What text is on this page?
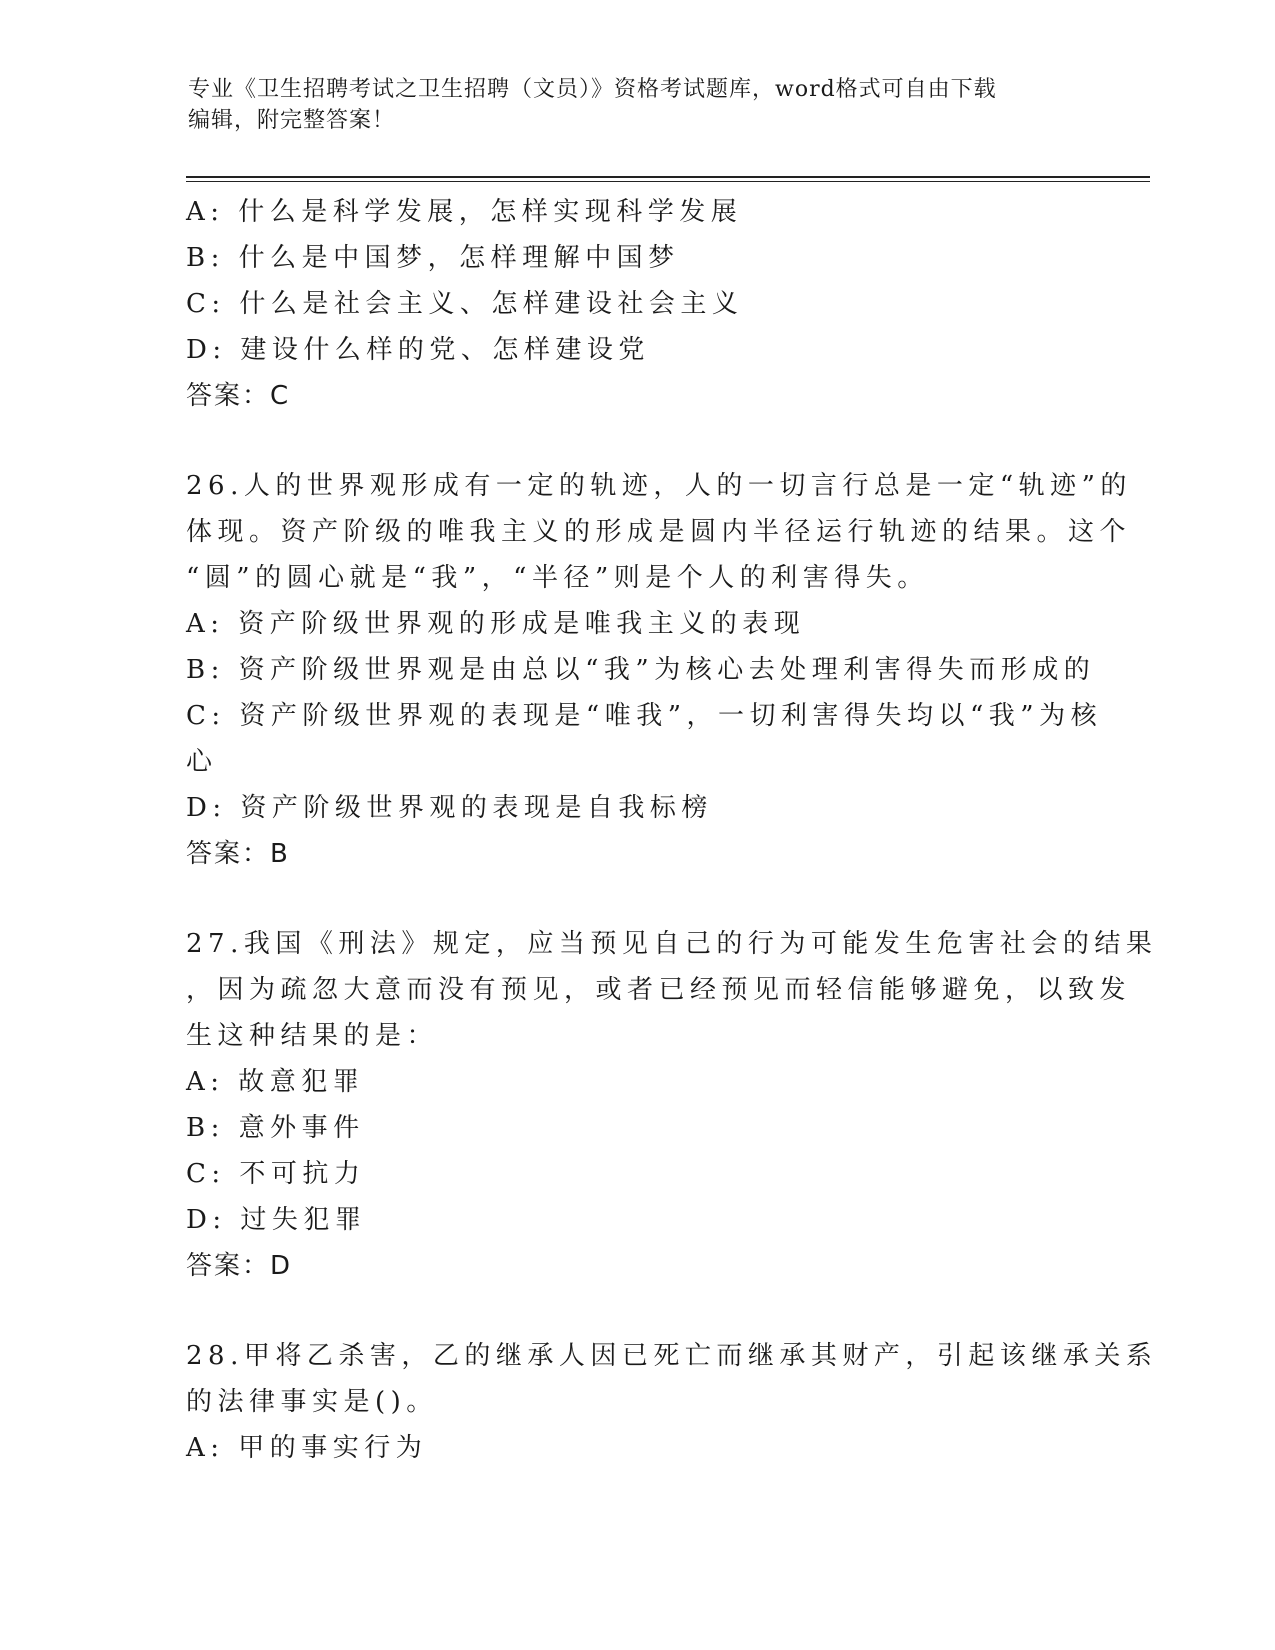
专业《卫生招聘考试之卫生招聘（文员）》资格考试题库，word格式可自由下载
编辑，附完整答案！
A: 什么是科学发展，怎样实现科学发展
B: 什么是中国梦，怎样理解中国梦
C: 什么是社会主义、怎样建设社会主义
D: 建设什么样的党、怎样建设党
答案：C
26.人的世界观形成有一定的轨迹，人的一切言行总是一定“轨迹”的
体现。资产阶级的唯我主义的形成是圆内半径运行轨迹的结果。这个
“圆”的圆心就是“我”，“半径”则是个人的利害得失。
A: 资产阶级世界观的形成是唯我主义的表现
B: 资产阶级世界观是由总以“我”为核心去处理利害得失而形成的
C: 资产阶级世界观的表现是“唯我”，一切利害得失均以“我”为核
心
D: 资产阶级世界观的表现是自我标榜
答案：B
27.我国《刑法》规定，应当预见自己的行为可能发生危害社会的结果
，因为疏忽大意而没有预见，或者已经预见而轻信能够避免，以致发
生这种结果的是：
A: 故意犯罪
B: 意外事件
C: 不可抗力
D: 过失犯罪
答案：D
28.甲将乙杀害，乙的继承人因已死亡而继承其财产，引起该继承关系
的法律事实是()。
A: 甲的事实行为
